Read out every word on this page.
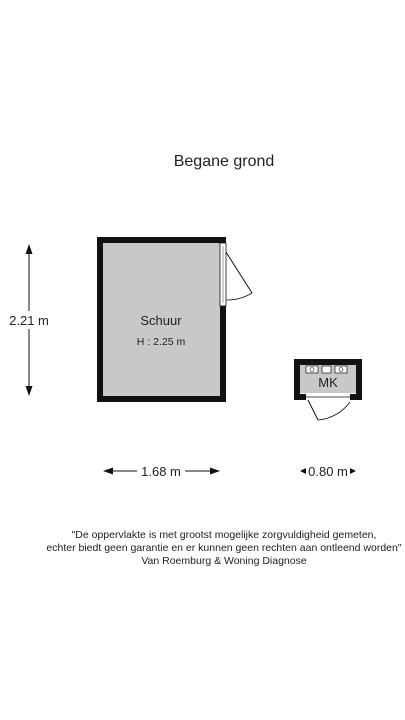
Begane grond
Schuur
H : 2.25 m
MK
2.21 m
1.68 m	0.80 m
"De oppervlakte is met grootst mogelijke zorgvuldigheid gemeten,
echter biedt geen garantie en er kunnen geen rechten aan ontleend worden"
Van Roemburg & Woning Diagnose
